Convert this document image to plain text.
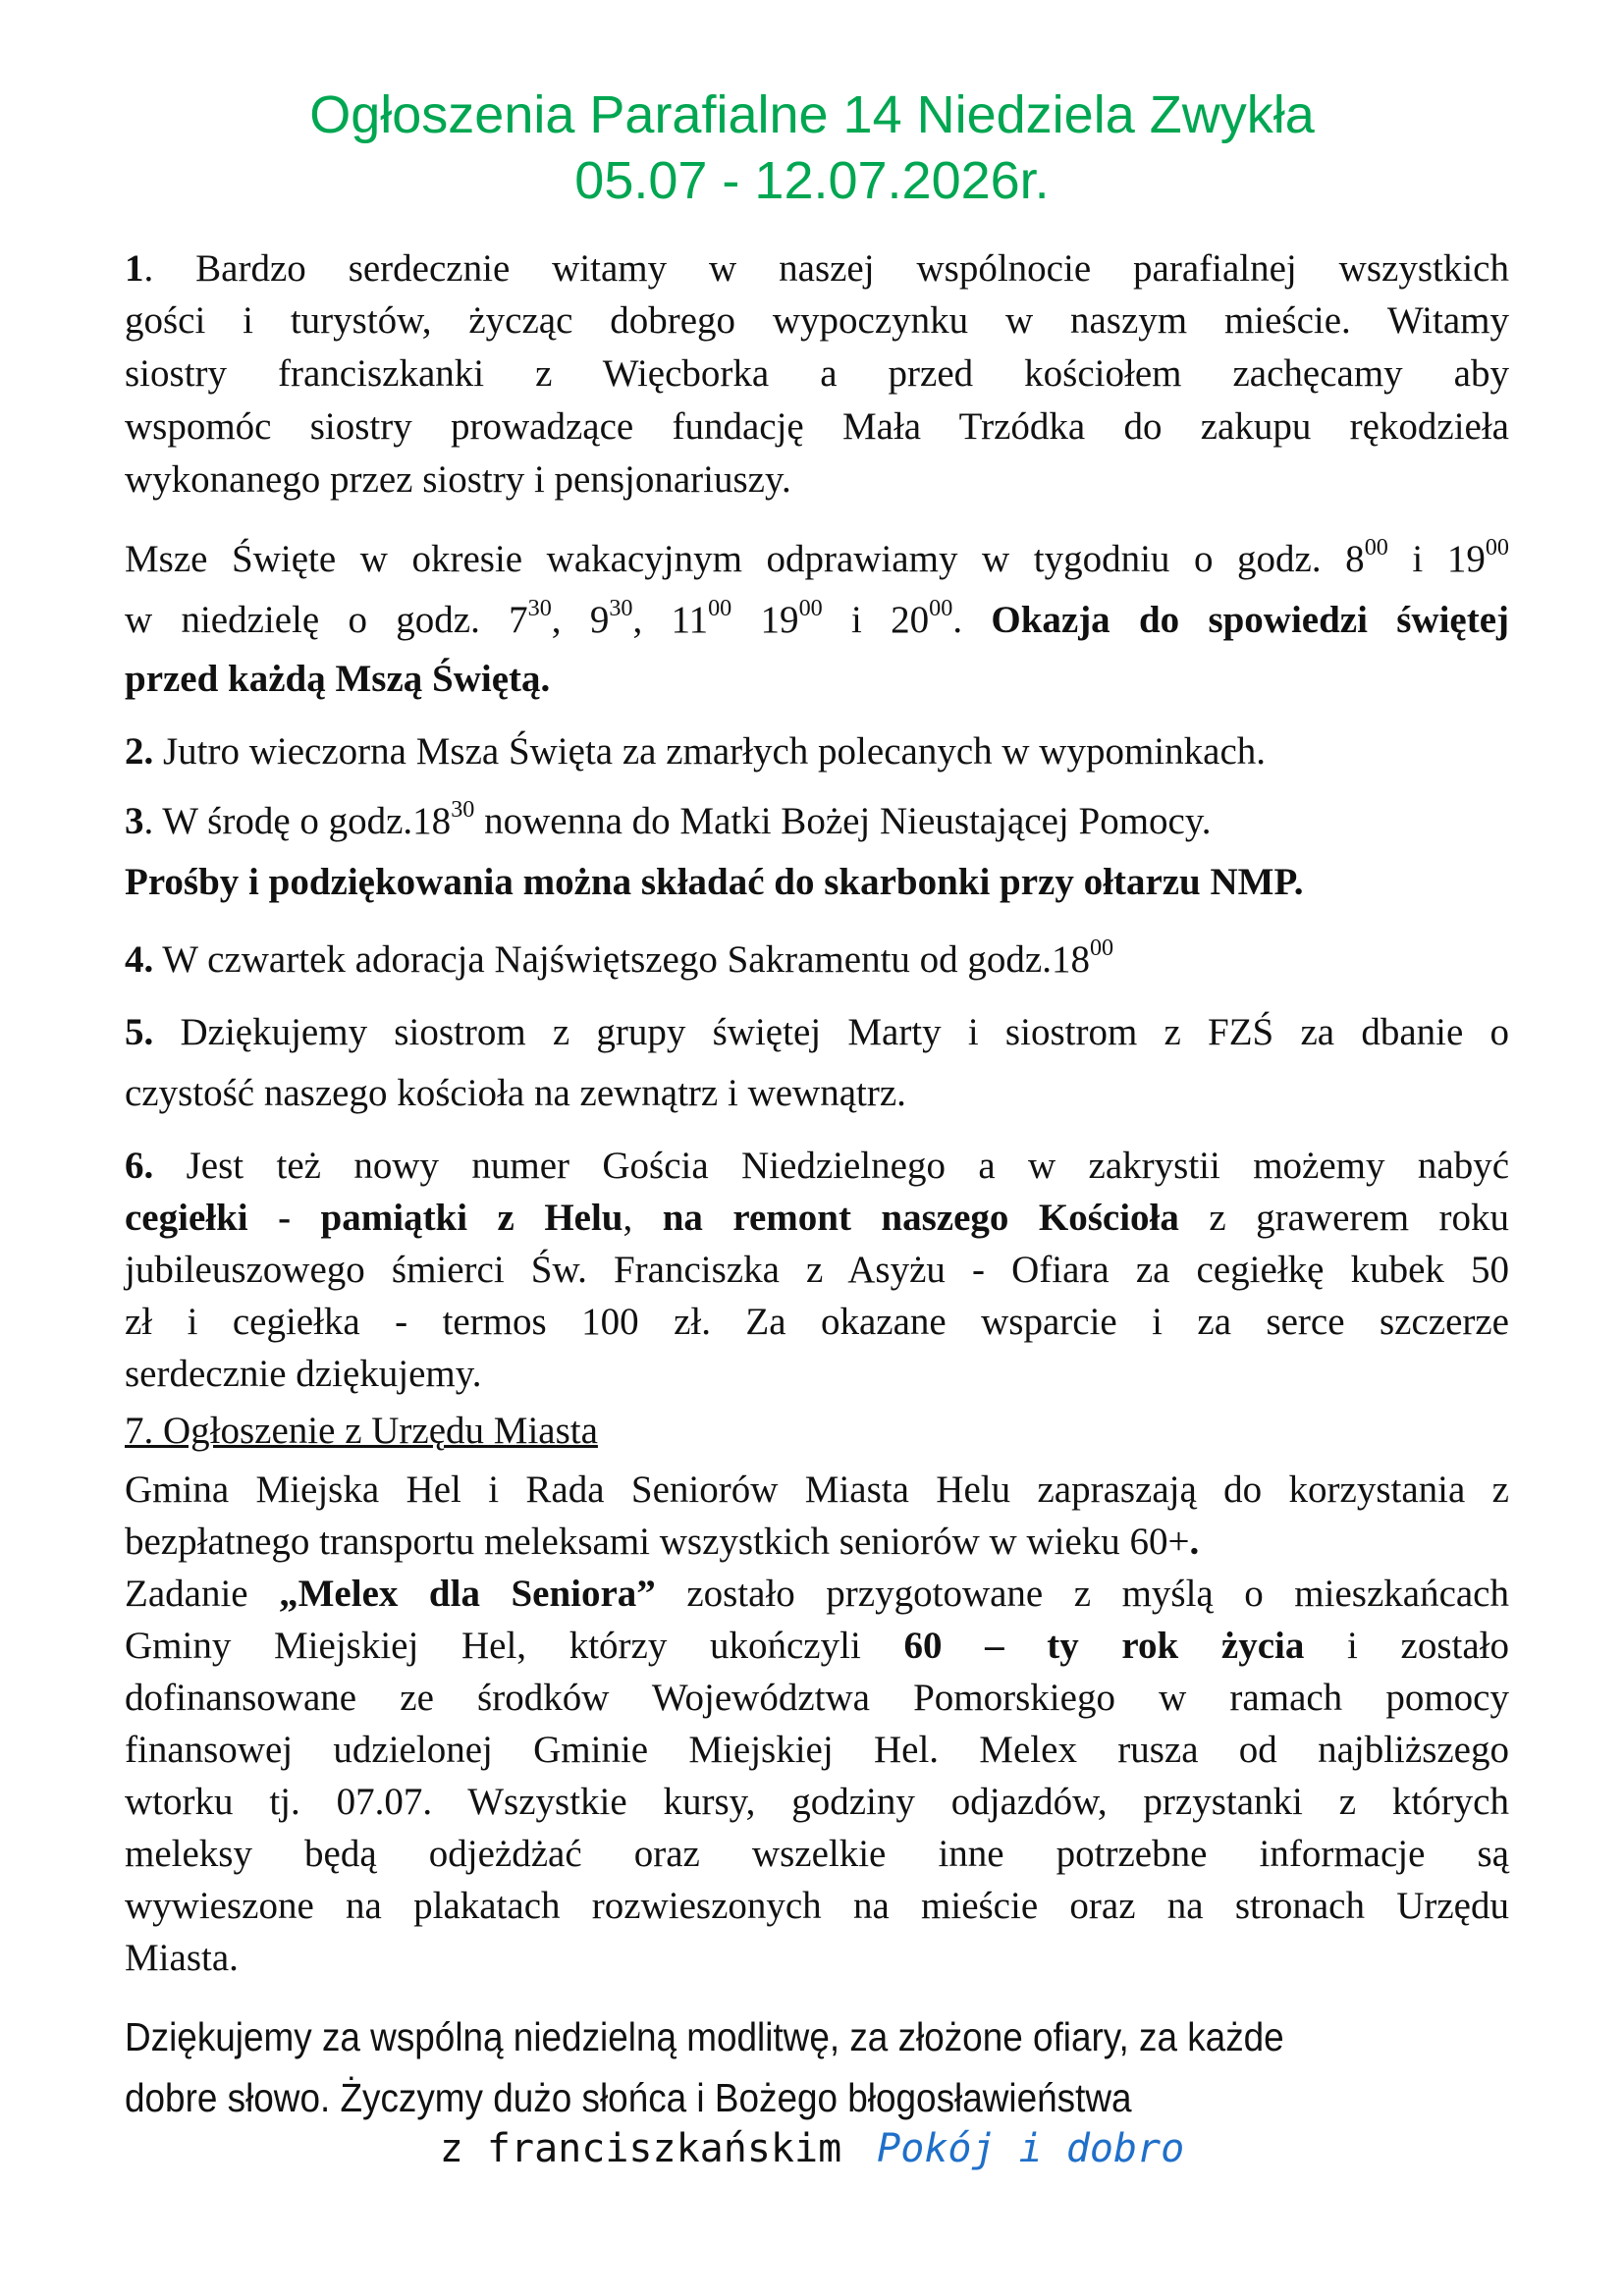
Ogłoszenia Parafialne 14 Niedziela Zwykła
05.07 - 12.07.2026r.
1. Bardzo serdecznie witamy w naszej wspólnocie parafialnej wszystkich
gości i turystów, życząc dobrego wypoczynku w naszym mieście. Witamy
siostry franciszkanki z Więcborka a przed kościołem zachęcamy aby
wspomóc siostry prowadzące fundację Mała Trzódka do zakupu rękodzieła
wykonanego przez siostry i pensjonariuszy.
Msze Święte w okresie wakacyjnym odprawiamy w tygodniu o godz. $8^{00}$ i $19^{00}$
w niedzielę o godz. $7^{30}$, $9^{30}$, $11^{00}$ $19^{00}$ i $20^{00}$. Okazja do spowiedzi świętej
przed każdą Mszą Świętą.
2. Jutro wieczorna Msza Święta za zmarłych polecanych w wypominkach.
3. W środę o $godz.18^{30}$ nowenna do Matki Bożej Nieustającej Pomocy.
Prośby i podziękowania można składać do skarbonki przy ołtarzu NMP.
4. W czwartek adoracja Najświętszego Sakramentu od $godz.18^{00}$
5. Dziękujemy siostrom z grupy świętej Marty i siostrom z FZŚ za dbanie o
czystość naszego kościoła na zewnątrz i wewnątrz.
6. Jest też nowy numer Gościa Niedzielnego a w zakrystii możemy nabyć
cegiełki - pamiątki z Helu, na remont naszego Kościoła z grawerem roku
jubileuszowego śmierci Św. Franciszka z Asyżu - Ofiara za cegiełkę kubek 50
zł i cegiełka - termos 100 zł. Za okazane wsparcie i za serce szczerze
serdecznie dziękujemy.
7. Ogłoszenie z Urzędu Miasta
Gmina Miejska Hel i Rada Seniorów Miasta Helu zapraszają do korzystania z
bezpłatnego transportu meleksami wszystkich seniorów w wieku 60+.
Zadanie „Melex dla Seniora” zostało przygotowane z myślą o mieszkańcach
Gminy Miejskiej Hel, którzy ukończyli 60 – ty rok życia i zostało
dofinansowane ze środków Województwa Pomorskiego w ramach pomocy
finansowej udzielonej Gminie Miejskiej Hel. Melex rusza od najbliższego
wtorku tj. 07.07. Wszystkie kursy, godziny odjazdów, przystanki z których
meleksy będą odjeżdżać oraz wszelkie inne potrzebne informacje są
wywieszone na plakatach rozwieszonych na mieście oraz na stronach Urzędu
Miasta.
Dziękujemy za wspólną niedzielną modlitwę, za złożone ofiary, za każde
dobre słowo. Życzymy dużo słońca i Bożego błogosławieństwa
z franciszkańskim Pokój i dobro
